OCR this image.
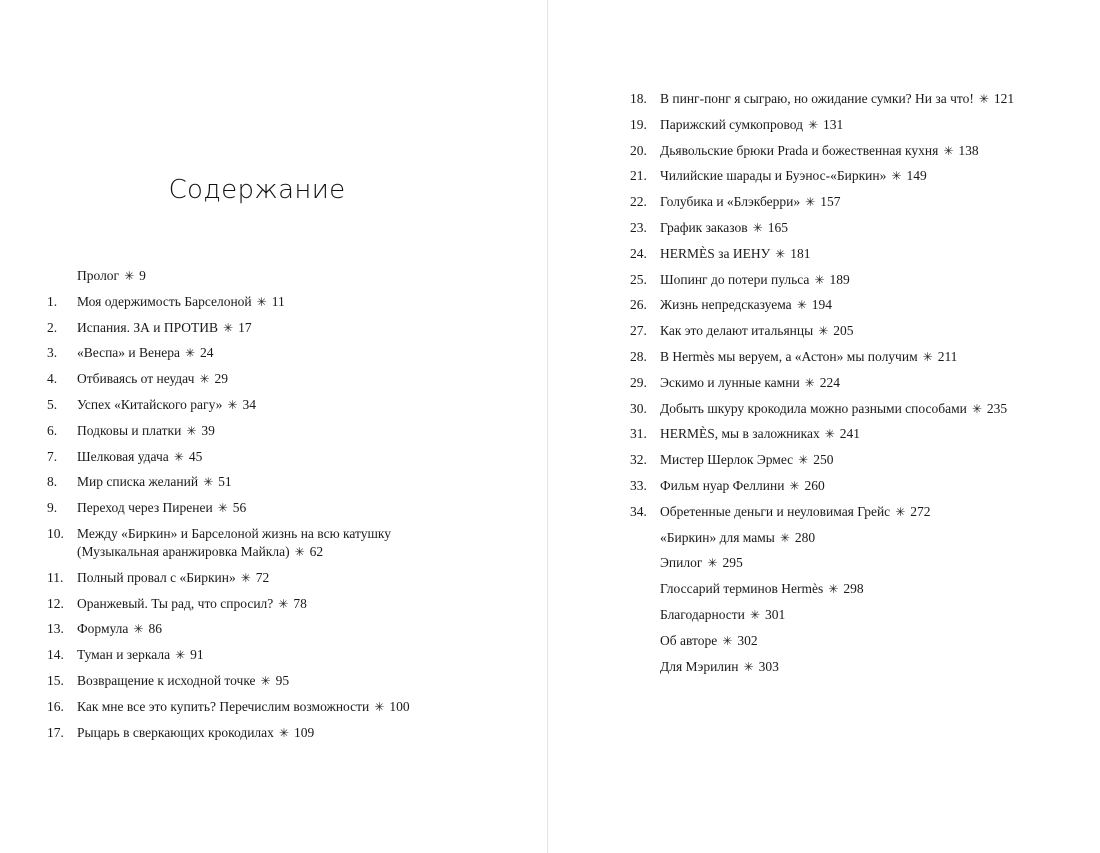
Содержание
Пролог ✳ 9
1.	Моя одержимость Барселоной ✳ 11
2.	Испания. ЗА и ПРОТИВ ✳ 17
3.	«Веспа» и Венера ✳ 24
4.	Отбиваясь от неудач ✳ 29
5.	Успех «Китайского рагу» ✳ 34
6.	Подковы и платки ✳ 39
7.	Шелковая удача ✳ 45
8.	Мир списка желаний ✳ 51
9.	Переход через Пиренеи ✳ 56
10. Между «Биркин» и Барселоной жизнь на всю катушку
(Музыкальная аранжировка Майкла) ✳ 62
11.	Полный провал с «Биркин» ✳ 72
12. Оранжевый. Ты рад, что спросил? ✳ 78
13. Формула ✳ 86
14. Туман и зеркала ✳ 91
15. Возвращение к исходной точке ✳ 95
16. Как мне все это купить? Перечислим возможности ✳ 100
17. Рыцарь в сверкающих крокодилах ✳ 109
18. В пинг-понг я сыграю, но ожидание сумки? Ни за что! ✳ 121
19. Парижский сумкопровод ✳ 131
20. Дьявольские брюки Prada и божественная кухня ✳ 138
21. Чилийские шарады и Буэнос-«Биркин» ✳ 149
22. Голубика и «Блэкберри» ✳ 157
23. График заказов ✳ 165
24. HERMÈS за ИЕНУ ✳ 181
25. Шопинг до потери пульса ✳ 189
26. Жизнь непредсказуема ✳ 194
27. Как это делают итальянцы ✳ 205
28. В Hermès мы веруем, а «Астон» мы получим ✳ 211
29. Эскимо и лунные камни ✳ 224
30. Добыть шкуру крокодила можно разными способами ✳ 235
31. HERMÈS, мы в заложниках ✳ 241
32. Мистер Шерлок Эрмес ✳ 250
33. Фильм нуар Феллини ✳ 260
34. Обретенные деньги и неуловимая Грейс ✳ 272
«Биркин» для мамы ✳ 280
Эпилог ✳ 295
Глоссарий терминов Hermès ✳ 298
Благодарности ✳ 301
Об авторе ✳ 302
Для Мэрилин ✳ 303
